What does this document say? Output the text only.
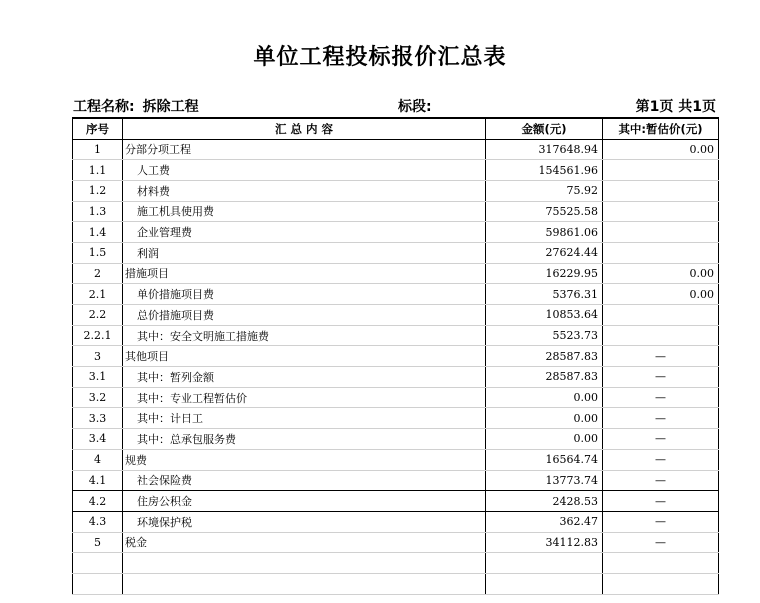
单位工程投标报价汇总表
工程名称: 拆除工程	标段:	第1页 共1页
序号	汇 总 内 容	金额(元)	其中:暂估价(元)
1	分部分项工程	317648.94	0.00
1.1	人工费	154561.96	
1.2	材料费	75.92	
1.3	施工机具使用费	75525.58	
1.4	企业管理费	59861.06	
1.5	利润	27624.44	
2	措施项目	16229.95	0.00
2.1	单价措施项目费	5376.31	0.00
2.2	总价措施项目费	10853.64	
2.2.1	其中：安全文明施工措施费	5523.73	
3	其他项目	28587.83	—
3.1	其中：暂列金额	28587.83	—
3.2	其中：专业工程暂估价	0.00	—
3.3	其中：计日工	0.00	—
3.4	其中：总承包服务费	0.00	—
4	规费	16564.74	—
4.1	社会保险费	13773.74	—
4.2	住房公积金	2428.53	—
4.3	环境保护税	362.47	—
5	税金	34112.83	—
